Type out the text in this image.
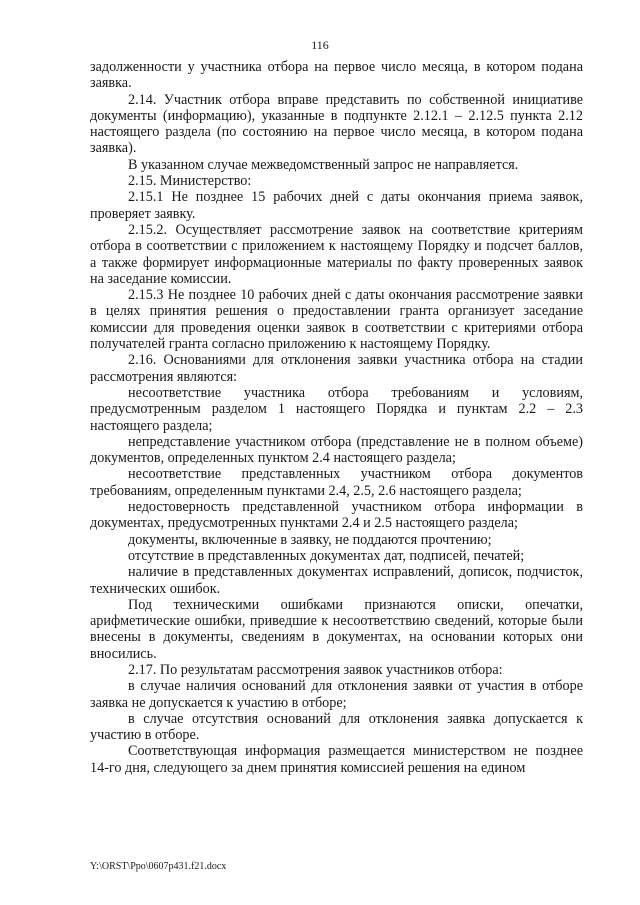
116

задолженности у участника отбора на первое число месяца, в котором подана заявка.

2.14. Участник отбора вправе представить по собственной инициативе документы (информацию), указанные в подпункте 2.12.1 – 2.12.5 пункта 2.12 настоящего раздела (по состоянию на первое число месяца, в котором подана заявка).

В указанном случае межведомственный запрос не направляется.

2.15. Министерство:

2.15.1 Не позднее 15 рабочих дней с даты окончания приема заявок, проверяет заявку.

2.15.2. Осуществляет рассмотрение заявок на соответствие критериям отбора в соответствии с приложением к настоящему Порядку и подсчет баллов, а также формирует информационные материалы по факту проверенных заявок на заседание комиссии.

2.15.3 Не позднее 10 рабочих дней с даты окончания рассмотрение заявки в целях принятия решения о предоставлении гранта организует заседание комиссии для проведения оценки заявок в соответствии с критериями отбора получателей гранта согласно приложению к настоящему Порядку.

2.16. Основаниями для отклонения заявки участника отбора на стадии рассмотрения являются:

несоответствие участника отбора требованиям и условиям, предусмотренным разделом 1 настоящего Порядка и пунктам 2.2 – 2.3 настоящего раздела;

непредставление участником отбора (представление не в полном объеме) документов, определенных пунктом 2.4 настоящего раздела;

несоответствие представленных участником отбора документов требованиям, определенным пунктами 2.4, 2.5, 2.6 настоящего раздела;

недостоверность представленной участником отбора информации в документах, предусмотренных пунктами 2.4 и 2.5 настоящего раздела;

документы, включенные в заявку, не поддаются прочтению;

отсутствие в представленных документах дат, подписей, печатей;

наличие в представленных документах исправлений, дописок, подчисток, технических ошибок.

Под техническими ошибками признаются описки, опечатки, арифметические ошибки, приведшие к несоответствию сведений, которые были внесены в документы, сведениям в документах, на основании которых они вносились.

2.17. По результатам рассмотрения заявок участников отбора:

в случае наличия оснований для отклонения заявки от участия в отборе заявка не допускается к участию в отборе;

в случае отсутствия оснований для отклонения заявка допускается к участию в отборе.

Соответствующая информация размещается министерством не позднее 14-го дня, следующего за днем принятия комиссией решения на едином

Y:\ORST\Ppo\0607p431.f21.docx
